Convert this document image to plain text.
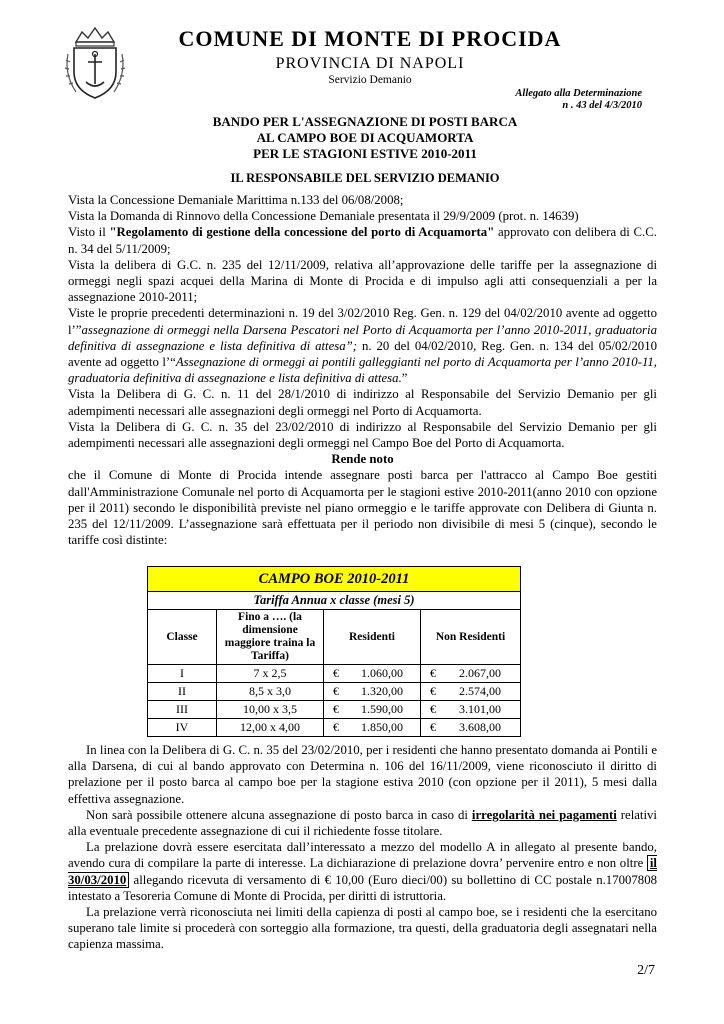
COMUNE DI MONTE DI PROCIDA
PROVINCIA DI NAPOLI
Servizio Demanio
Allegato alla Determinazione
n . 43 del 4/3/2010
BANDO PER L'ASSEGNAZIONE DI POSTI BARCA
AL CAMPO BOE DI ACQUAMORTA
PER LE STAGIONI ESTIVE 2010-2011
IL RESPONSABILE DEL SERVIZIO DEMANIO

Vista la Concessione Demaniale Marittima n.133 del 06/08/2008;

Vista la Domanda di Rinnovo della Concessione Demaniale presentata il 29/9/2009 (prot. n. 14639)

Visto il "Regolamento di gestione della concessione del porto di Acquamorta" approvato con delibera di C.C. n. 34 del 5/11/2009;

Vista la delibera di G.C. n. 235 del 12/11/2009, relativa all’approvazione delle tariffe per la assegnazione di ormeggi negli spazi acquei della Marina di Monte di Procida e di impulso agli atti consequenziali a per la assegnazione 2010-2011;

Viste le proprie precedenti determinazioni n. 19 del 3/02/2010 Reg. Gen. n. 129 del 04/02/2010 avente ad oggetto l’”assegnazione di ormeggi nella Darsena Pescatori nel Porto di Acquamorta per l’anno 2010-2011, graduatoria definitiva di assegnazione e lista definitiva di attesa”; n. 20 del 04/02/2010, Reg. Gen. n. 134 del 05/02/2010 avente ad oggetto l’“Assegnazione di ormeggi ai pontili galleggianti nel porto di Acquamorta per l’anno 2010-11, graduatoria definitiva di assegnazione e lista definitiva di attesa.”

Vista la Delibera di G. C. n. 11 del 28/1/2010 di indirizzo al Responsabile del Servizio Demanio per gli adempimenti necessari alle assegnazioni degli ormeggi nel Porto di Acquamorta.

Vista la Delibera di G. C. n. 35 del 23/02/2010 di indirizzo al Responsabile del Servizio Demanio per gli adempimenti necessari alle assegnazioni degli ormeggi nel Campo Boe del Porto di Acquamorta.

Rende noto

che il Comune di Monte di Procida intende assegnare posti barca per l'attracco al Campo Boe gestiti dall'Amministrazione Comunale nel porto di Acquamorta per le stagioni estive 2010-2011(anno 2010 con opzione per il 2011) secondo le disponibilità previste nel piano ormeggio e le tariffe approvate con Delibera di Giunta n. 235 del 12/11/2009. L’assegnazione sarà effettuata per il periodo non divisibile di mesi 5 (cinque), secondo le tariffe così distinte:

CAMPO BOE 2010-2011			
Tariffa Annua x classe (mesi 5)			
Classe	Fino a …. (la dimensione maggiore traina la Tariffa)	Residenti	Non Residenti
I	7 x 2,5	€ 1.060,00	€ 2.067,00

II	8,5 x 3,0	€ 1.320,00	€ 2.574,00

III	10,00 x 3,5	€ 1.590,00	€ 3.101,00

IV	12,00 x 4,00	€ 1.850,00	€ 3.608,00

In linea con la Delibera di G. C. n. 35 del 23/02/2010, per i residenti che hanno presentato domanda ai Pontili e alla Darsena, di cui al bando approvato con Determina n. 106 del 16/11/2009, viene riconosciuto il diritto di prelazione per il posto barca al campo boe per la stagione estiva 2010 (con opzione per il 2011), 5 mesi dalla effettiva assegnazione.

Non sarà possibile ottenere alcuna assegnazione di posto barca in caso di irregolarità nei pagamenti relativi alla eventuale precedente assegnazione di cui il richiedente fosse titolare.

La prelazione dovrà essere esercitata dall’interessato a mezzo del modello A in allegato al presente bando, avendo cura di compilare la parte di interesse. La dichiarazione di prelazione dovra’ pervenire entro e non oltre il 30/03/2010 allegando ricevuta di versamento di € 10,00 (Euro dieci/00) su bollettino di CC postale n.17007808 intestato a Tesoreria Comune di Monte di Procida, per diritti di istruttoria.

La prelazione verrà riconosciuta nei limiti della capienza di posti al campo boe, se i residenti che la esercitano superano tale limite si procederà con sorteggio alla formazione, tra questi, della graduatoria degli assegnatari nella capienza massima.

2/7
